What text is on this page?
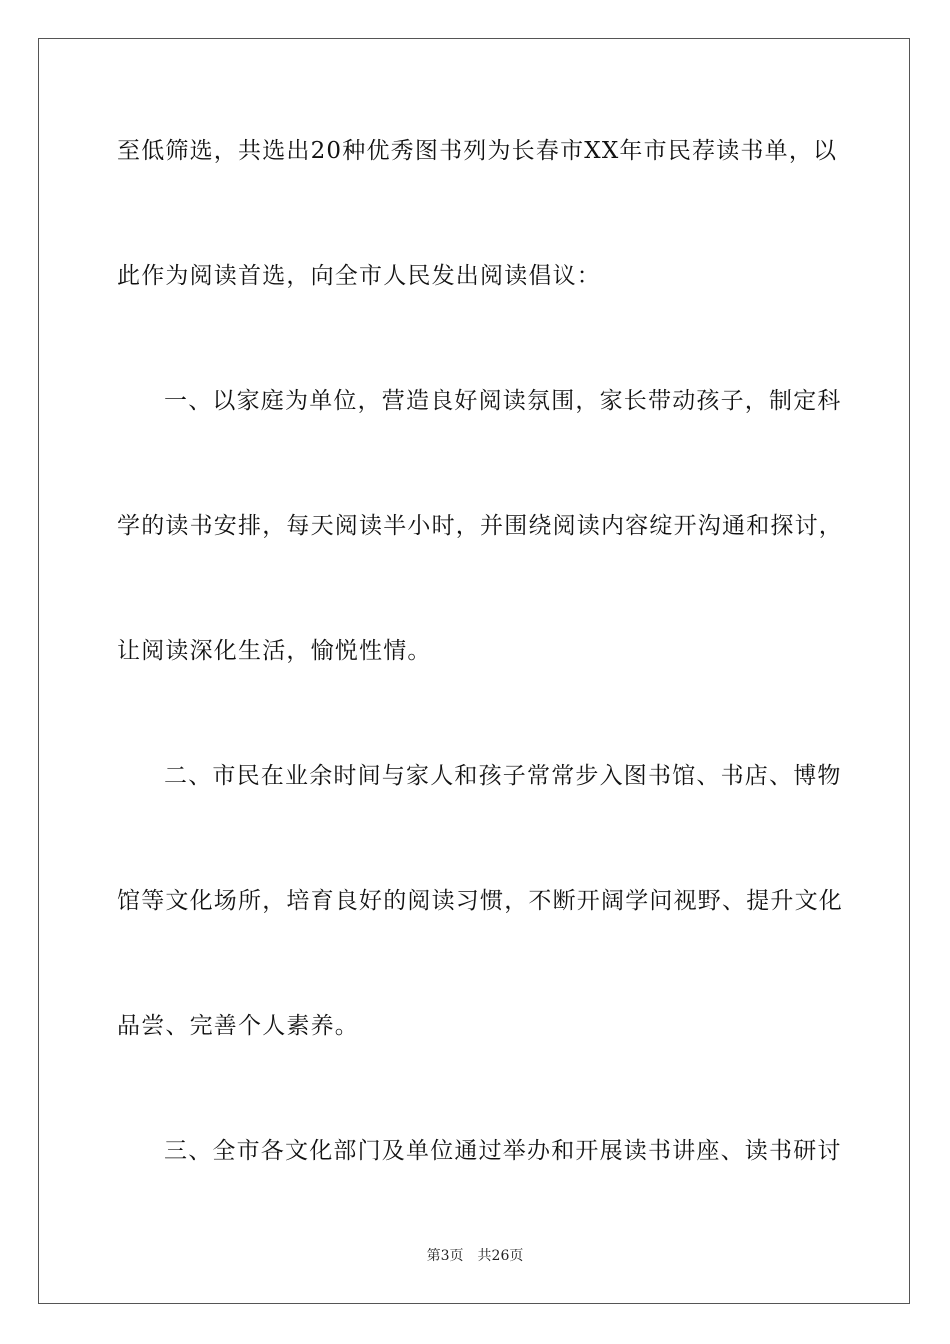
至低筛选，共选出20种优秀图书列为长春市XX年市民荐读书单，以
此作为阅读首选，向全市人民发出阅读倡议：
一、以家庭为单位，营造良好阅读氛围，家长带动孩子，制定科
学的读书安排，每天阅读半小时，并围绕阅读内容绽开沟通和探讨，
让阅读深化生活，愉悦性情。
二、市民在业余时间与家人和孩子常常步入图书馆、书店、博物
馆等文化场所，培育良好的阅读习惯，不断开阔学问视野、提升文化
品尝、完善个人素养。
三、全市各文化部门及单位通过举办和开展读书讲座、读书研讨
第3页 共26页
